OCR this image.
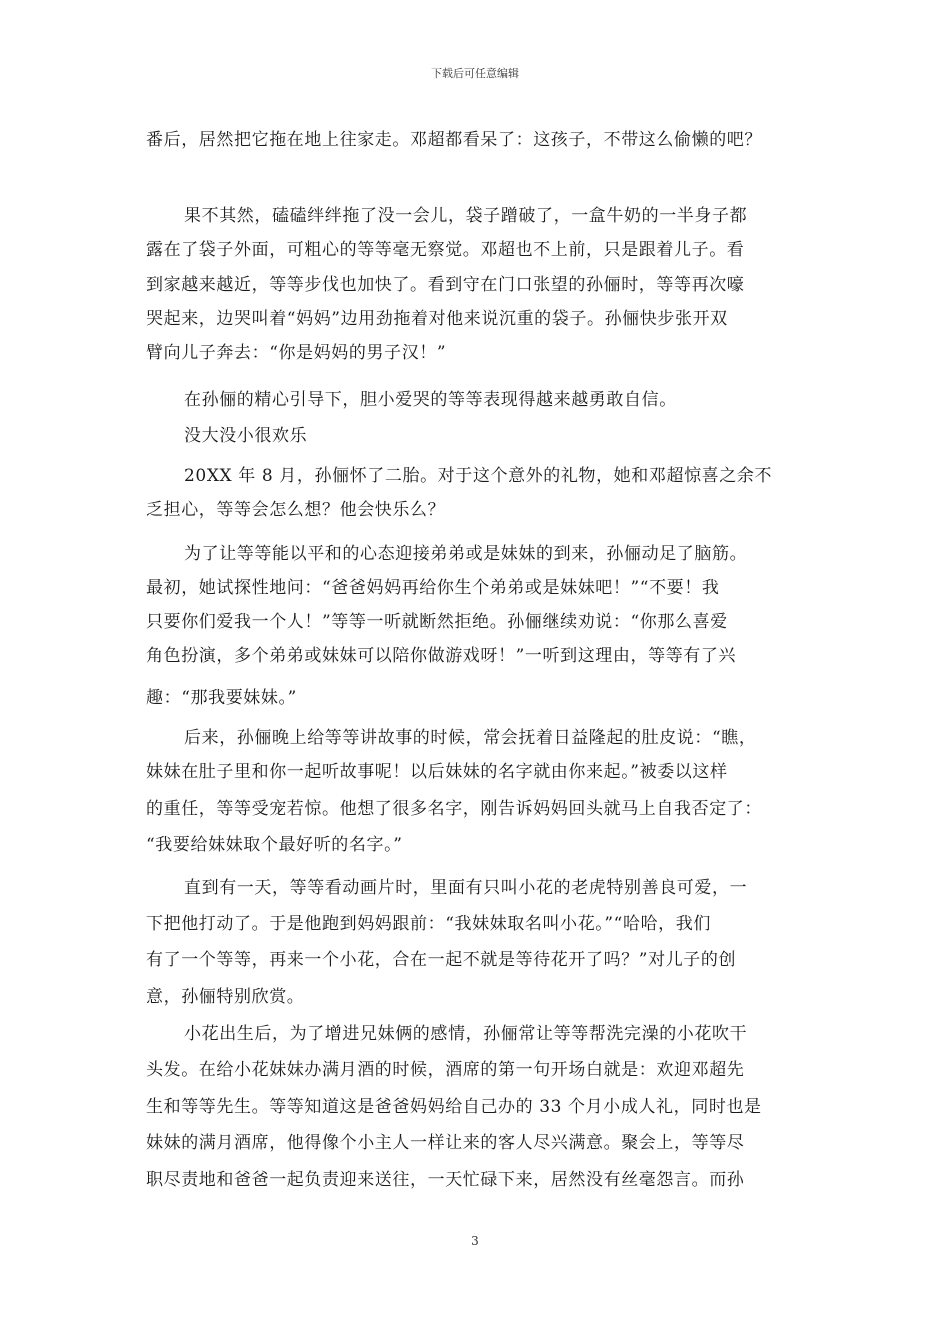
下载后可任意编辑
番后，居然把它拖在地上往家走。邓超都看呆了：这孩子，不带这么偷懒的吧？
果不其然，磕磕绊绊拖了没一会儿，袋子蹭破了，一盒牛奶的一半身子都
露在了袋子外面，可粗心的等等毫无察觉。邓超也不上前，只是跟着儿子。看
到家越来越近，等等步伐也加快了。看到守在门口张望的孙俪时，等等再次嚎
哭起来，边哭叫着“妈妈”边用劲拖着对他来说沉重的袋子。孙俪快步张开双
臂向儿子奔去：“你是妈妈的男子汉！”
在孙俪的精心引导下，胆小爱哭的等等表现得越来越勇敢自信。
没大没小很欢乐
20XX 年 8 月，孙俪怀了二胎。对于这个意外的礼物，她和邓超惊喜之余不
乏担心，等等会怎么想？他会快乐么？
为了让等等能以平和的心态迎接弟弟或是妹妹的到来，孙俪动足了脑筋。
最初，她试探性地问：“爸爸妈妈再给你生个弟弟或是妹妹吧！”“不要！我
只要你们爱我一个人！”等等一听就断然拒绝。孙俪继续劝说：“你那么喜爱
角色扮演，多个弟弟或妹妹可以陪你做游戏呀！”一听到这理由，等等有了兴
趣：“那我要妹妹。”
后来，孙俪晚上给等等讲故事的时候，常会抚着日益隆起的肚皮说：“瞧，
妹妹在肚子里和你一起听故事呢！以后妹妹的名字就由你来起。”被委以这样
的重任，等等受宠若惊。他想了很多名字，刚告诉妈妈回头就马上自我否定了：
“我要给妹妹取个最好听的名字。”
直到有一天，等等看动画片时，里面有只叫小花的老虎特别善良可爱，一
下把他打动了。于是他跑到妈妈跟前：“我妹妹取名叫小花。”“哈哈，我们
有了一个等等，再来一个小花，合在一起不就是等待花开了吗？”对儿子的创
意，孙俪特别欣赏。
小花出生后，为了增进兄妹俩的感情，孙俪常让等等帮洗完澡的小花吹干
头发。在给小花妹妹办满月酒的时候，酒席的第一句开场白就是：欢迎邓超先
生和等等先生。等等知道这是爸爸妈妈给自己办的 33 个月小成人礼，同时也是
妹妹的满月酒席，他得像个小主人一样让来的客人尽兴满意。聚会上，等等尽
职尽责地和爸爸一起负责迎来送往，一天忙碌下来，居然没有丝毫怨言。而孙
3
